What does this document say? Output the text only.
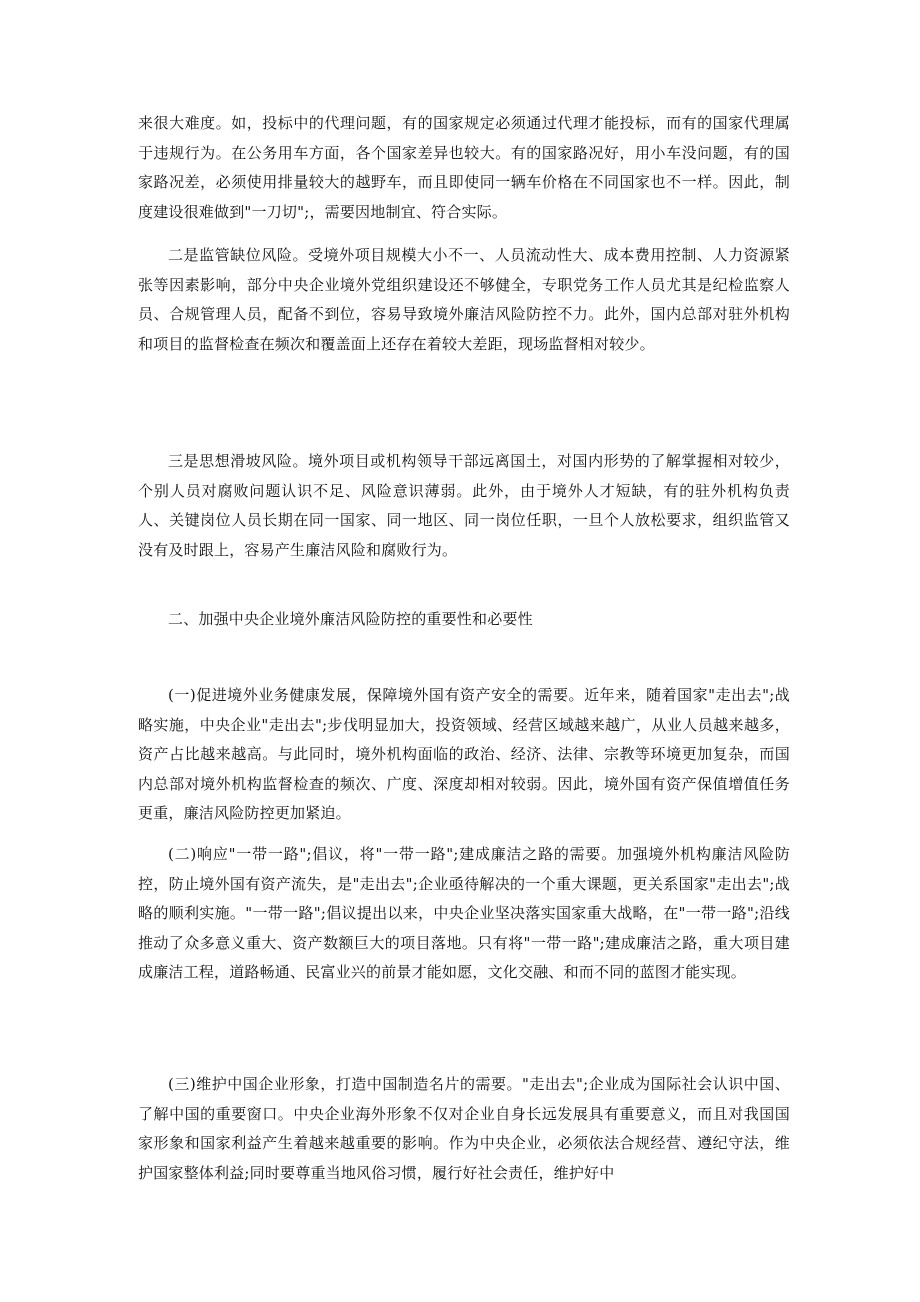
来很大难度。如，投标中的代理问题，有的国家规定必须通过代理才能投标，而有的国家代理属于违规行为。在公务用车方面，各个国家差异也较大。有的国家路况好，用小车没问题，有的国家路况差，必须使用排量较大的越野车，而且即使同一辆车价格在不同国家也不一样。因此，制度建设很难做到"一刀切";，需要因地制宜、符合实际。

二是监管缺位风险。受境外项目规模大小不一、人员流动性大、成本费用控制、人力资源紧张等因素影响，部分中央企业境外党组织建设还不够健全，专职党务工作人员尤其是纪检监察人员、合规管理人员，配备不到位，容易导致境外廉洁风险防控不力。此外，国内总部对驻外机构和项目的监督检查在频次和覆盖面上还存在着较大差距，现场监督相对较少。

三是思想滑坡风险。境外项目或机构领导干部远离国土，对国内形势的了解掌握相对较少，个别人员对腐败问题认识不足、风险意识薄弱。此外，由于境外人才短缺，有的驻外机构负责人、关键岗位人员长期在同一国家、同一地区、同一岗位任职，一旦个人放松要求，组织监管又没有及时跟上，容易产生廉洁风险和腐败行为。

二、加强中央企业境外廉洁风险防控的重要性和必要性

(一)促进境外业务健康发展，保障境外国有资产安全的需要。近年来，随着国家"走出去";战略实施，中央企业"走出去";步伐明显加大，投资领域、经营区域越来越广，从业人员越来越多，资产占比越来越高。与此同时，境外机构面临的政治、经济、法律、宗教等环境更加复杂，而国内总部对境外机构监督检查的频次、广度、深度却相对较弱。因此，境外国有资产保值增值任务更重，廉洁风险防控更加紧迫。

(二)响应"一带一路";倡议，将"一带一路";建成廉洁之路的需要。加强境外机构廉洁风险防控，防止境外国有资产流失，是"走出去";企业亟待解决的一个重大课题，更关系国家"走出去";战略的顺利实施。"一带一路";倡议提出以来，中央企业坚决落实国家重大战略，在"一带一路";沿线推动了众多意义重大、资产数额巨大的项目落地。只有将"一带一路";建成廉洁之路，重大项目建成廉洁工程，道路畅通、民富业兴的前景才能如愿，文化交融、和而不同的蓝图才能实现。

(三)维护中国企业形象，打造中国制造名片的需要。"走出去";企业成为国际社会认识中国、了解中国的重要窗口。中央企业海外形象不仅对企业自身长远发展具有重要意义，而且对我国国家形象和国家利益产生着越来越重要的影响。作为中央企业，必须依法合规经营、遵纪守法，维护国家整体利益;同时要尊重当地风俗习惯，履行好社会责任，维护好中
